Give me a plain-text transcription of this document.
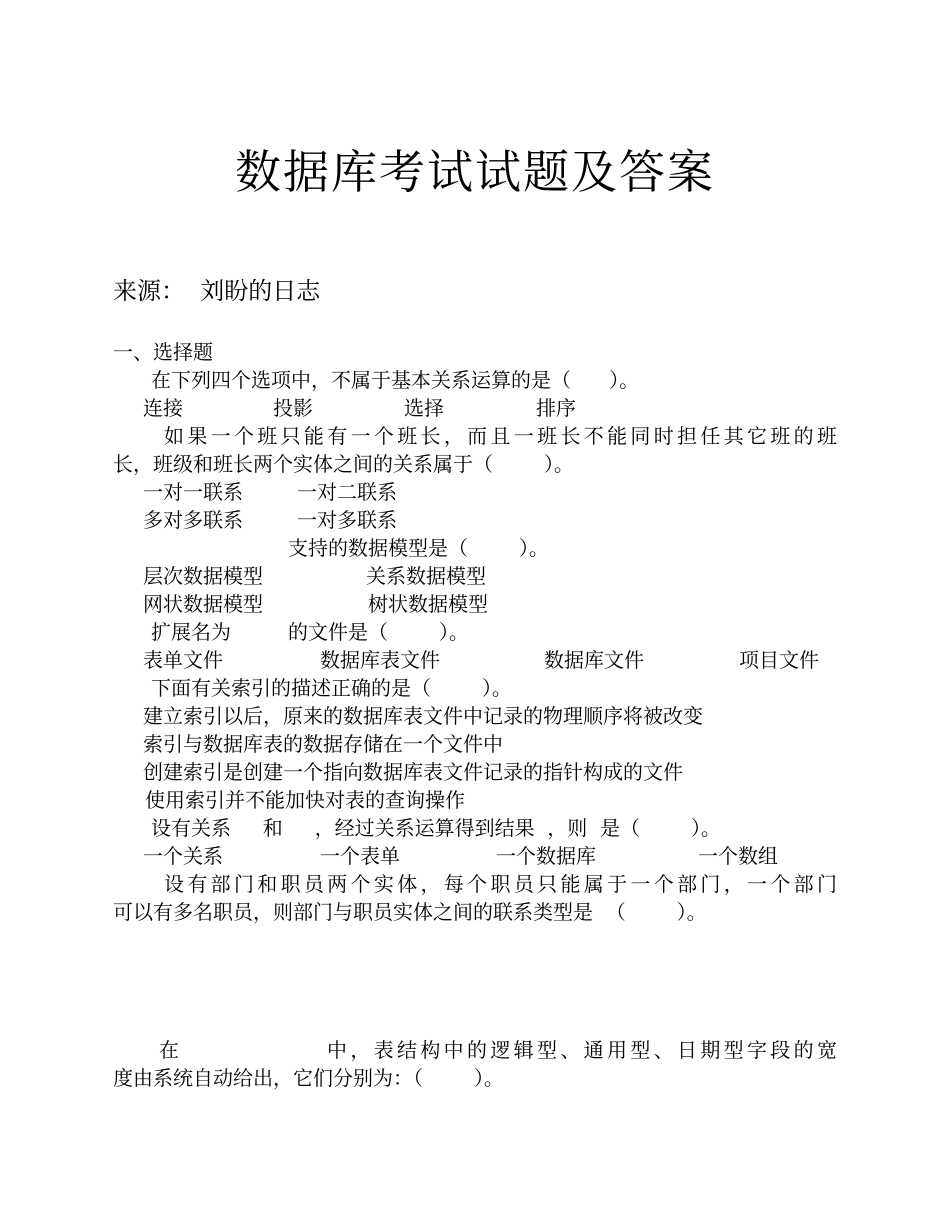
数据库考试试题及答案
来源：  刘盼的日志
一、选择题
在下列四个选项中，不属于基本关系运算的是（      ）。
连接	投影	选择	排序
如果一个班只能有一个班长，而且一班长不能同时担任其它班的班
长，班级和班长两个实体之间的关系属于（        ）。
一对一联系	一对二联系
多对多联系	一对多联系
支持的数据模型是（        ）。
层次数据模型	关系数据模型
网状数据模型	树状数据模型
扩展名为	的文件是（        ）。
表单文件	数据库表文件	数据库文件	项目文件
下面有关索引的描述正确的是（        ）。
建立索引以后，原来的数据库表文件中记录的物理顺序将被改变
索引与数据库表的数据存储在一个文件中
创建索引是创建一个指向数据库表文件记录的指针构成的文件
使用索引并不能加快对表的查询操作
设有关系     和     ，经过关系运算得到结果  ，则  是（        ）。
一个关系	一个表单	一个数据库	一个数组
设有部门和职员两个实体，每个职员只能属于一个部门，一个部门
可以有多名职员，则部门与职员实体之间的联系类型是  （        ）。
在	中，表结构中的逻辑型、通用型、日期型字段的宽
度由系统自动给出，它们分别为：（        ）。
